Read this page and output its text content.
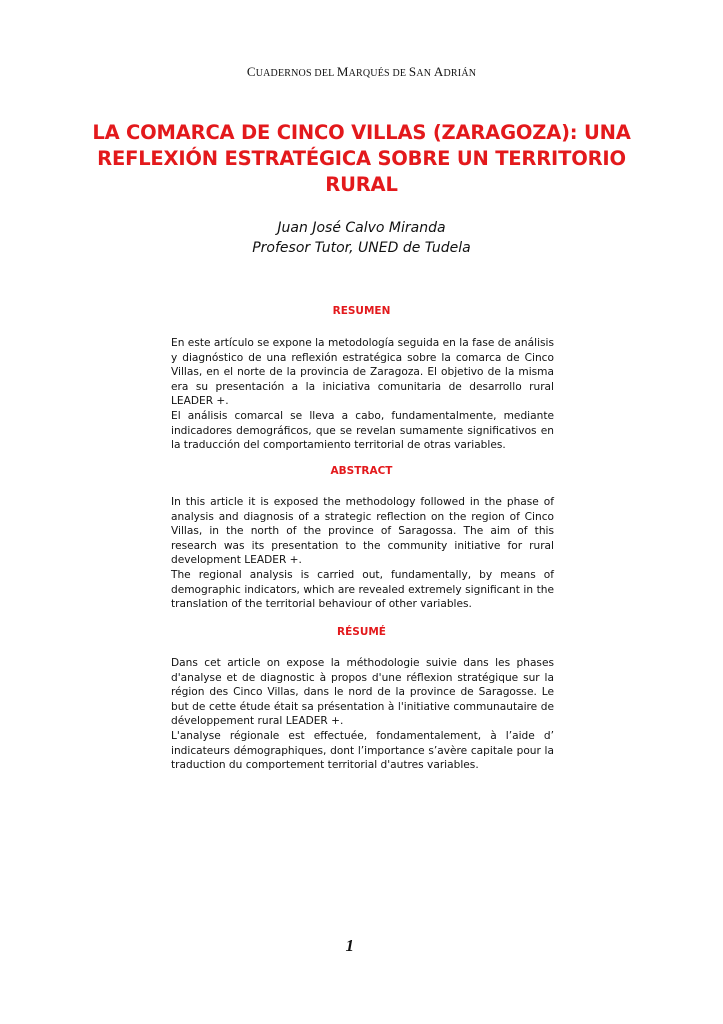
CUADERNOS DEL MARQUÉS DE SAN ADRIÁN
LA COMARCA DE CINCO VILLAS (ZARAGOZA): UNA
REFLEXIÓN ESTRATÉGICA SOBRE UN TERRITORIO
RURAL
Juan José Calvo Miranda
Profesor Tutor, UNED de Tudela
RESUMEN

En este artículo se expone la metodología seguida en la fase de análisis y diagnóstico de una reflexión estratégica sobre la comarca de Cinco Villas, en el norte de la provincia de Zaragoza. El objetivo de la misma era su presentación a la iniciativa comunitaria de desarrollo rural LEADER +.

El análisis comarcal se lleva a cabo, fundamentalmente, mediante indicadores demográficos, que se revelan sumamente significativos en la traducción del comportamiento territorial de otras variables.

ABSTRACT

In this article it is exposed the methodology followed in the phase of analysis and diagnosis of a strategic reflection on the region of Cinco Villas, in the north of the province of Saragossa. The aim of this research was its presentation to the community initiative for rural development LEADER +.

The regional analysis is carried out, fundamentally, by means of demographic indicators, which are revealed extremely significant in the translation of the territorial behaviour of other variables.

RÉSUMÉ

Dans cet article on expose la méthodologie suivie dans les phases d'analyse et de diagnostic à propos d'une réflexion stratégique sur la région des Cinco Villas, dans le nord de la province de Saragosse. Le but de cette étude était sa présentation à l'initiative communautaire de développement rural LEADER +.

L'analyse régionale est effectuée, fondamentalement, à l’aide d’ indicateurs démographiques, dont l’importance s’avère capitale pour la traduction du comportement territorial d'autres variables.

1
